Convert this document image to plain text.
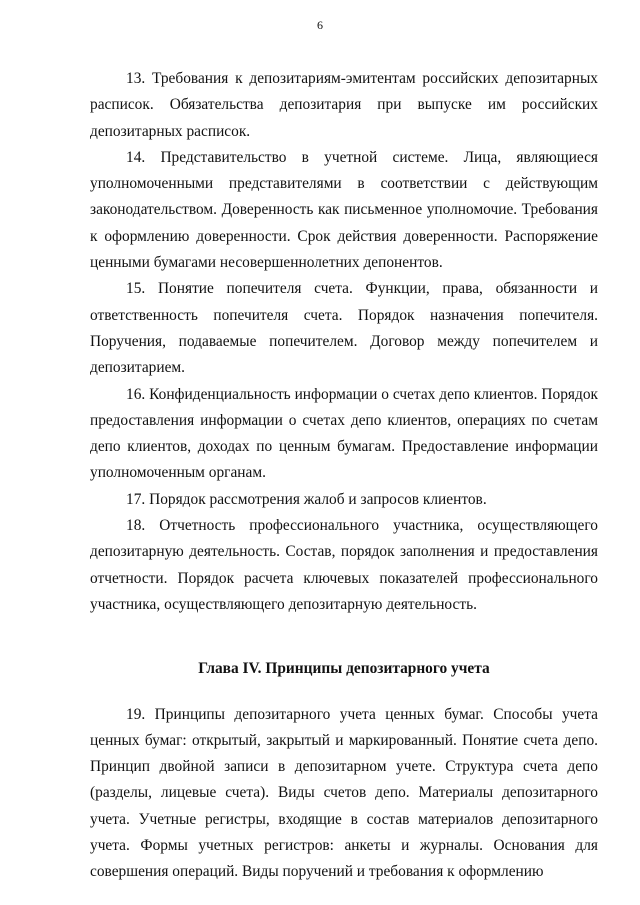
6

13. Требования к депозитариям-эмитентам российских депозитарных расписок. Обязательства депозитария при выпуске им российских депозитарных расписок.

14. Представительство в учетной системе. Лица, являющиеся уполномоченными представителями в соответствии с действующим законодательством. Доверенность как письменное уполномочие. Требования к оформлению доверенности. Срок действия доверенности. Распоряжение ценными бумагами несовершеннолетних депонентов.

15. Понятие попечителя счета. Функции, права, обязанности и ответственность попечителя счета. Порядок назначения попечителя. Поручения, подаваемые попечителем. Договор между попечителем и депозитарием.

16. Конфиденциальность информации о счетах депо клиентов. Порядок предоставления информации о счетах депо клиентов, операциях по счетам депо клиентов, доходах по ценным бумагам. Предоставление информации уполномоченным органам.

17. Порядок рассмотрения жалоб и запросов клиентов.

18. Отчетность профессионального участника, осуществляющего депозитарную деятельность. Состав, порядок заполнения и предоставления отчетности. Порядок расчета ключевых показателей профессионального участника, осуществляющего депозитарную деятельность.

Глава IV. Принципы депозитарного учета

19. Принципы депозитарного учета ценных бумаг. Способы учета ценных бумаг: открытый, закрытый и маркированный. Понятие счета депо. Принцип двойной записи в депозитарном учете. Структура счета депо (разделы, лицевые счета). Виды счетов депо. Материалы депозитарного учета. Учетные регистры, входящие в состав материалов депозитарного учета. Формы учетных регистров: анкеты и журналы. Основания для совершения операций. Виды поручений и требования к оформлению
